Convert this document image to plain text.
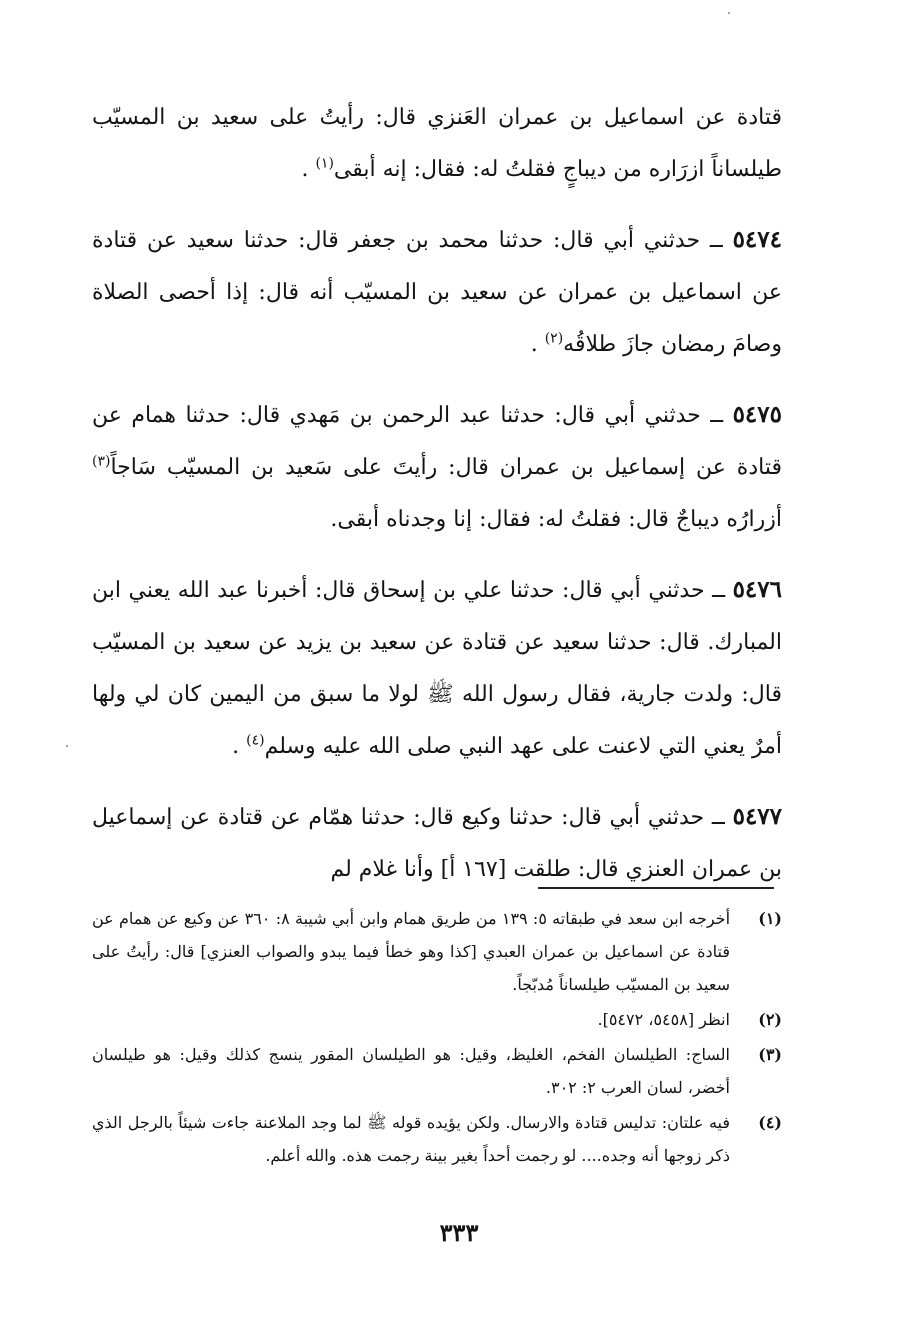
قتادة عن اسماعيل بن عمران العَنزي قال: رأيتُ على سعيد بن المسيّب طيلساناً ازرَاره من ديباجٍ فقلتُ له: فقال: إنه أبقى$^{(١)}$ .

٥٤٧٤ ــ حدثني أبي قال: حدثنا محمد بن جعفر قال: حدثنا سعيد عن قتادة عن اسماعيل بن عمران عن سعيد بن المسيّب أنه قال: إذا أحصى الصلاة وصامَ رمضان جازَ طلاقُه$^{(٢)}$ .

٥٤٧٥ ــ حدثني أبي قال: حدثنا عبد الرحمن بن مَهدي قال: حدثنا همام عن قتادة عن إسماعيل بن عمران قال: رأيتَ على سَعيد بن المسيّب سَاجاً$^{(٣)}$ أزرارُه ديباجٌ قال: فقلتُ له: فقال: إنا وجدناه أبقى.

٥٤٧٦ ــ حدثني أبي قال: حدثنا علي بن إسحاق قال: أخبرنا عبد الله يعني ابن المبارك. قال: حدثنا سعيد عن قتادة عن سعيد بن يزيد عن سعيد بن المسيّب قال: ولدت جارية، فقال رسول الله ﷺ لولا ما سبق من اليمين كان لي ولها أمرٌ يعني التي لاعنت على عهد النبي صلى الله عليه وسلم$^{(٤)}$ .

٥٤٧٧ ــ حدثني أبي قال: حدثنا وكيع قال: حدثنا همّام عن قتادة عن إسماعيل بن عمران العنزي قال: طلقت [١٦٧ أ] وأنا غلام لم

(١)
أخرجه ابن سعد في طبقاته ٥: ١٣٩ من طريق همام وابن أبي شيبة ٨: ٣٦٠ عن وكيع عن همام عن قتادة عن اسماعيل بن عمران العبدي [كذا وهو خطأ فيما يبدو والصواب العنزي] قال: رأيتُ على سعيد بن المسيّب طيلساناً مُدبّجاً.
(٢)
انظر [٥٤٥٨، ٥٤٧٢].
(٣)
الساج: الطيلسان الفخم، الغليظ، وقيل: هو الطيلسان المقور ينسج كذلك وقيل: هو طيلسان أخضر، لسان العرب ٢: ٣٠٢.
(٤)
فيه علتان: تدليس قتادة والارسال. ولكن يؤيده قوله ﷺ لما وجد الملاعنة جاءت شيئاً بالرجل الذي ذكر زوجها أنه وجده.... لو رجمت أحداً بغير بينة رجمت هذه. والله أعلم.
٣٣٣
